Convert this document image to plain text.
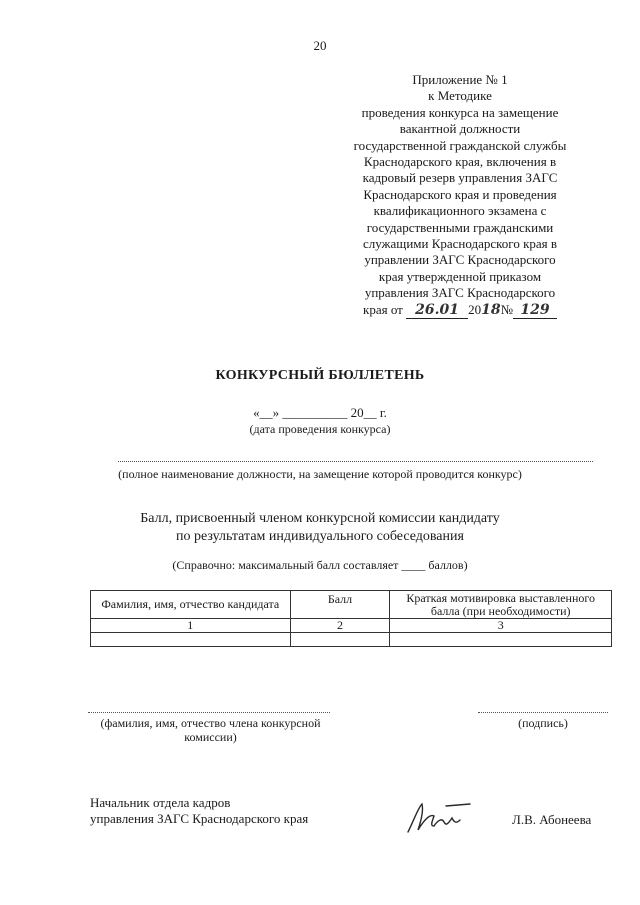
20
Приложение № 1
к Методике
проведения конкурса на замещение
вакантной должности
государственной гражданской службы
Краснодарского края, включения в
кадровый резерв управления ЗАГС
Краснодарского края и проведения
квалификационного экзамена с
государственными гражданскими
служащими Краснодарского края в
управлении ЗАГС Краснодарского
края утвержденной приказом
управления ЗАГС Краснодарского
края от 26.01 2018№ 129
КОНКУРСНЫЙ БЮЛЛЕТЕНЬ
«__» __________ 20__ г.
(дата проведения конкурса)
(полное наименование должности, на замещение которой проводится конкурс)
Балл, присвоенный членом конкурсной комиссии кандидату
по результатам индивидуального собеседования
(Справочно: максимальный балл составляет ____ баллов)
Фамилия, имя, отчество кандидата	Балл	Краткая мотивировка выставленного балла (при необходимости)
1	2	3

(фамилия, имя, отчество члена конкурсной комиссии)
(подпись)
Начальник отдела кадров
управления ЗАГС Краснодарского края	Л.В. Абонеева
